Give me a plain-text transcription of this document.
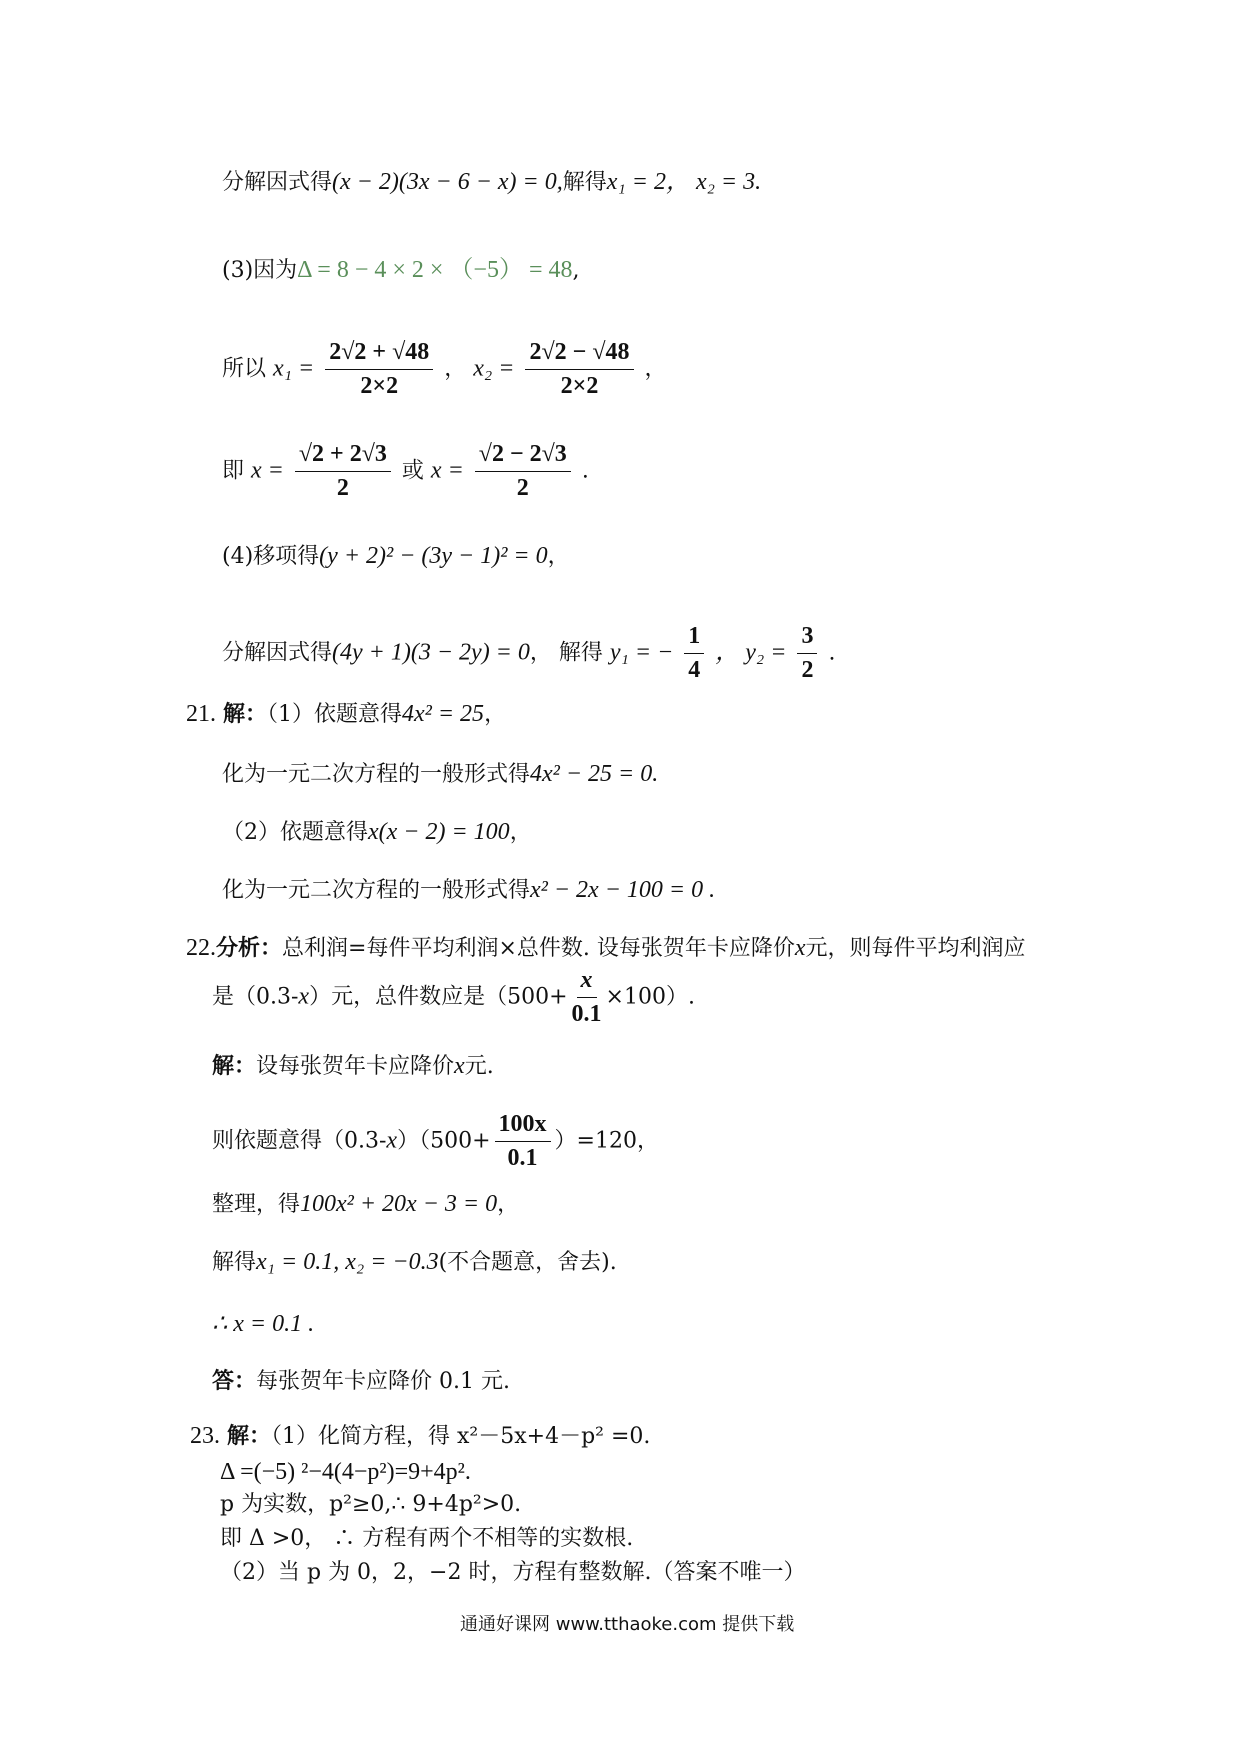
分解因式得(x − 2)(3x − 6 − x) = 0,解得x₁ = 2， x₂ = 3.
(3)因为Δ = 8 − 4 × 2 × （−5） = 48,
所以 $x_1 = \frac{2√2 + √48}{2\times 2}$ ， $x_2 = \frac{2√2 - √48}{2\times 2}$ ，
即 $x = \frac{√2 + 2√3}{2}$ 或 $x = \frac{√2 - 2√3}{2}$ .
(4)移项得(y + 2)² − (3y − 1)² = 0，
分解因式得(4y + 1)(3 − 2y) = 0， 解得 y₁ = − $\frac{1}{4}$ ， $y_2 = \frac{3}{2}$ .
21. 解：（1）依题意得4x² = 25，
化为一元二次方程的一般形式得4x² − 25 = 0.
（2）依题意得x(x − 2) = 100，
化为一元二次方程的一般形式得x² − 2x − 100 = 0 .
22.分析：总利润=每件平均利润×总件数. 设每张贺年卡应降价x元，则每件平均利润应
是（0.3-x）元，总件数应是$(500+ \frac{x}{0.1} \times 100)$.
解：设每张贺年卡应降价x元.
则依题意得$(0.3-x)(500+ \frac{100x}{0.1} )=120$，
整理，得100x² + 20x − 3 = 0，
解得x₁ = 0.1, x₂ = −0.3(不合题意，舍去).
∴ x = 0.1 .
答：每张贺年卡应降价 0.1 元.
23. 解：（1）化简方程，得 x²－5x+4－p² =0.
Δ =(−5) ²−4(4−p²)=9+4p².
p 为实数，p²≥0,∴ 9+4p²>0.
即 Δ >0， ∴ 方程有两个不相等的实数根.
（2）当 p 为 0，2，−2 时，方程有整数解.（答案不唯一）
通通好课网 www.tthaoke.com 提供下载
